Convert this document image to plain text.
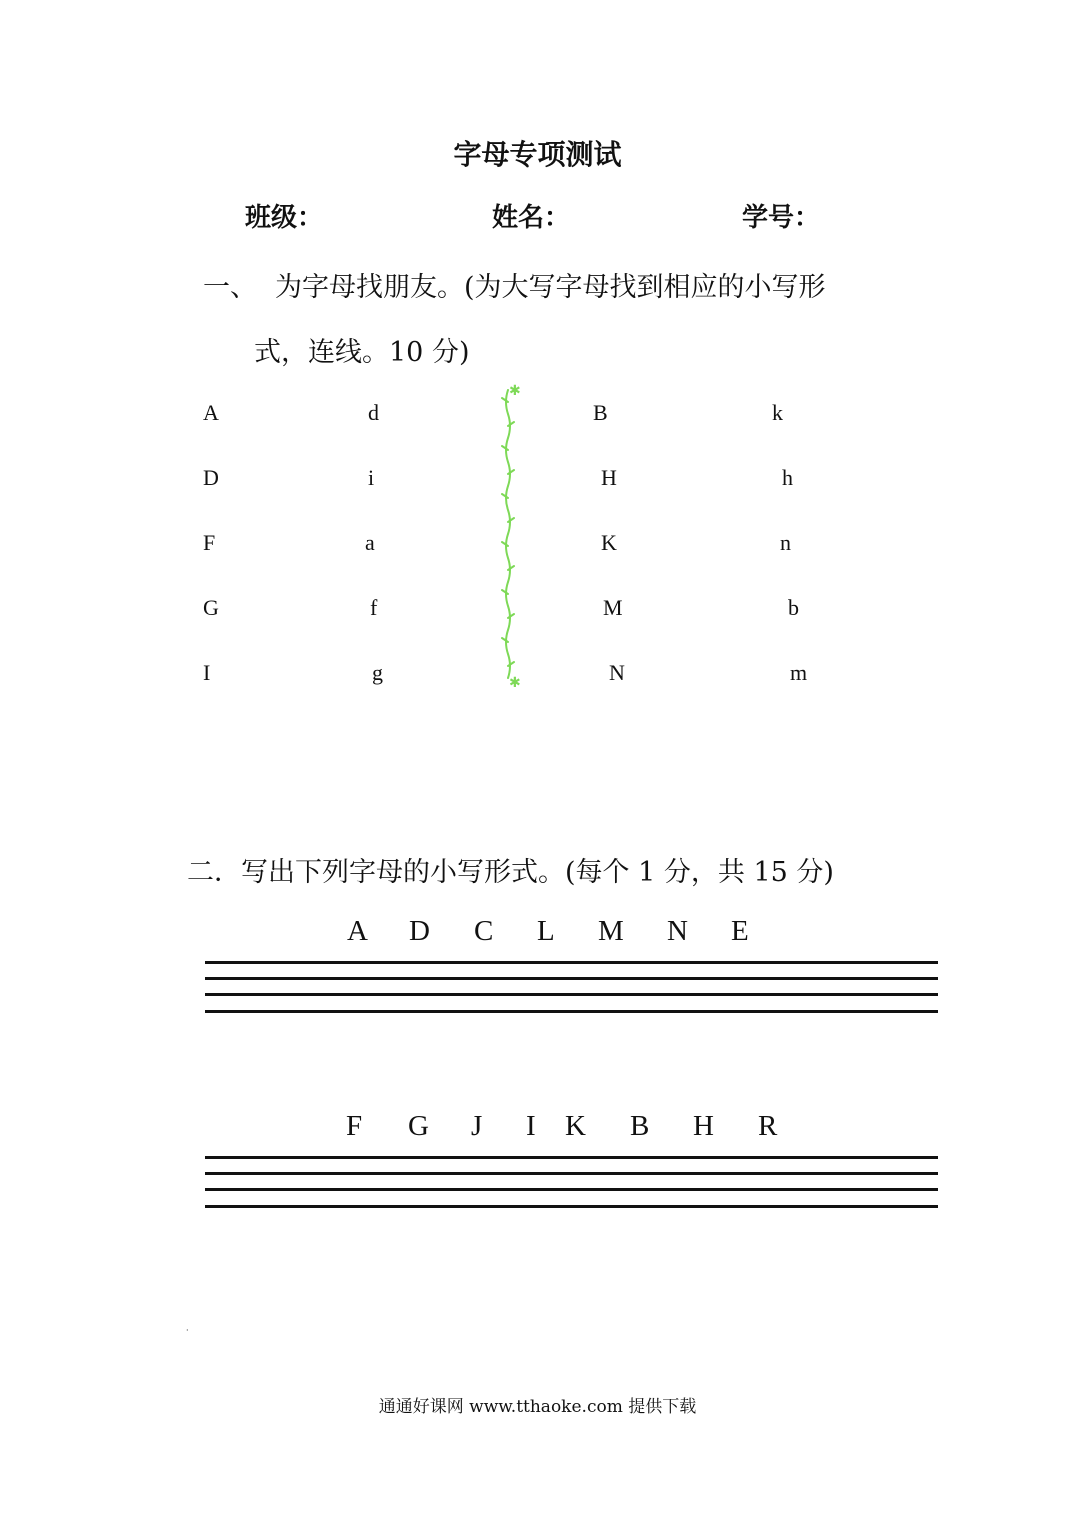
字母专项测试
班级：	姓名：	学号：
一、 为字母找朋友。(为大写字母找到相应的小写形
式，连线。10 分)
A
D
F
G
I
d
i
a
f
g
B
H
K
M
N
k
h
n
b
m
✱
✱
二．写出下列字母的小写形式。(每个 1 分，共 15 分)
A D C L M N E
F G J I K B H R
·
通通好课网 www.tthaoke.com 提供下载
